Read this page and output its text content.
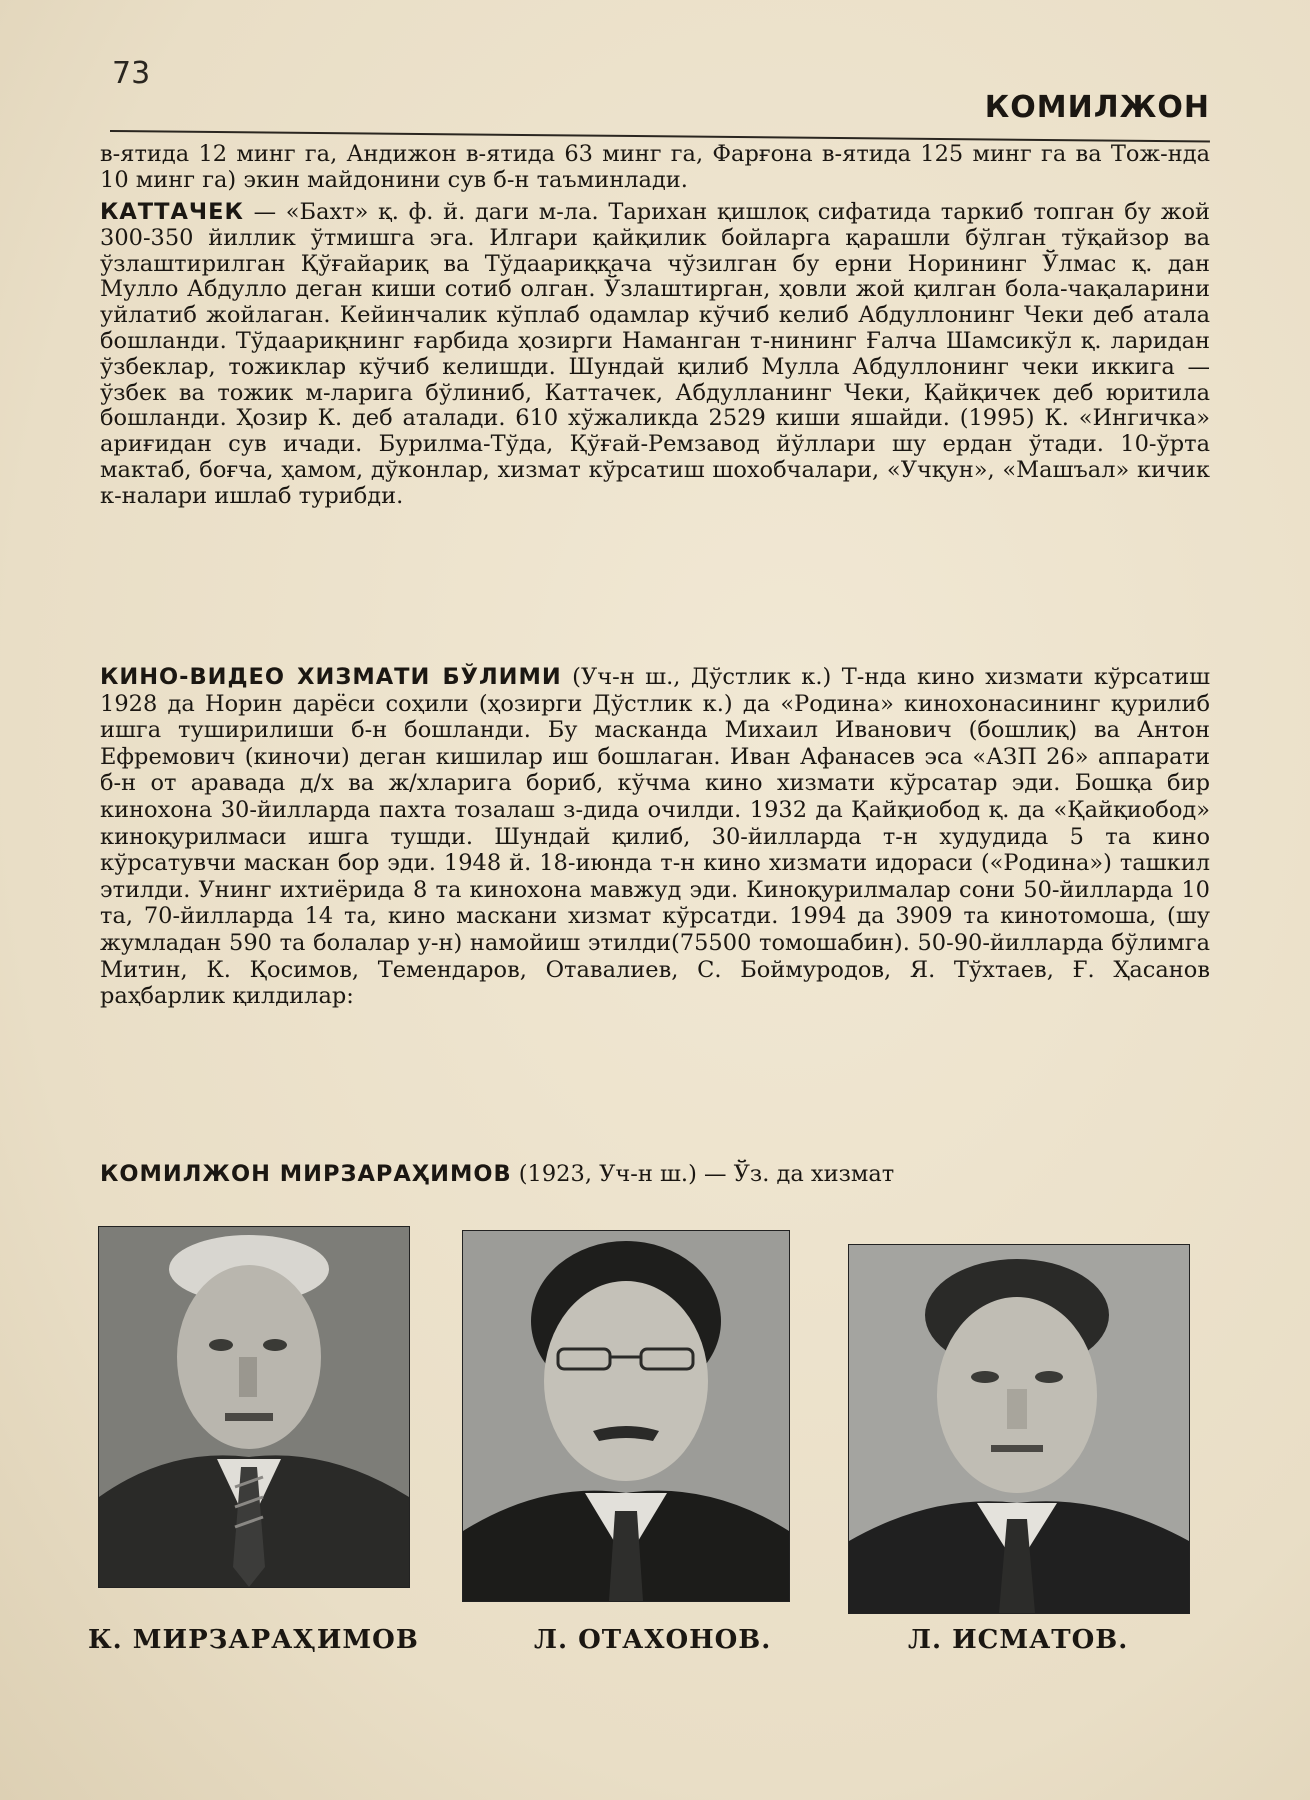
73
КОМИЛЖОН

в-ятида 12 минг га, Андижон в-ятида 63 минг га, Фарғона в-ятида 125 минг га ва Тож-нда 10 минг га) экин майдонини сув б-н таъминлади.

КАТТАЧЕК — «Бахт» қ. ф. й. даги м-ла. Тарихан қишлоқ сифатида таркиб топган бу жой 300-350 йиллик ўтмишга эга. Илгари қайқилик бойларга қарашли бўлган тўқайзор ва ўзлаштирилган Қўғайариқ ва Тўдаариққача чўзилган бу ерни Норининг Ўлмас қ. дан Мулло Абдулло деган киши сотиб олган. Ўзлаштирган, ҳовли жой қилган бола-чақаларини уйлатиб жойлаган. Кейинчалик кўплаб одамлар кўчиб келиб Абдуллонинг Чеки деб атала бошланди. Тўдаариқнинг ғарбида ҳозирги Наманган т-нининг Ғалча Шамсикўл қ. ларидан ўзбеклар, тожиклар кўчиб келишди. Шундай қилиб Мулла Абдуллонинг чеки иккига — ўзбек ва тожик м-ларига бўлиниб, Каттачек, Абдулланинг Чеки, Қайқичек деб юритила бошланди. Ҳозир К. деб аталади. 610 хўжаликда 2529 киши яшайди. (1995) К. «Ингичка» ариғидан сув ичади. Бурилма-Тўда, Қўғай-Ремзавод йўллари шу ердан ўтади. 10-ўрта мактаб, боғча, ҳамом, дўконлар, хизмат кўрсатиш шохобчалари, «Учқун», «Машъал» кичик к-налари ишлаб турибди.

КИНО-ВИДЕО ХИЗМАТИ БЎЛИМИ (Уч-н ш., Дўстлик к.) Т-нда кино хизмати кўрсатиш 1928 да Норин дарёси соҳили (ҳозирги Дўстлик к.) да «Родина» кинохонасининг қурилиб ишга туширилиши б-н бошланди. Бу масканда Михаил Иванович (бошлиқ) ва Антон Ефремович (киночи) деган кишилар иш бошлаган. Иван Афанасев эса «АЗП 26» аппарати б-н от аравада д/х ва ж/хларига бориб, кўчма кино хизмати кўрсатар эди. Бошқа бир кинохона 30-йилларда пахта тозалаш з-дида очилди. 1932 да Қайқиобод қ. да «Қайқиобод» киноқурилмаси ишга тушди. Шундай қилиб, 30-йилларда т-н худудида 5 та кино кўрсатувчи маскан бор эди. 1948 й. 18-июнда т-н кино хизмати идораси («Родина») ташкил этилди. Унинг ихтиёрида 8 та кинохона мавжуд эди. Киноқурилмалар сони 50-йилларда 10 та, 70-йилларда 14 та, кино маскани хизмат кўрсатди. 1994 да 3909 та кинотомоша, (шу жумладан 590 та болалар у-н) намойиш этилди(75500 томошабин). 50-90-йилларда бўлимга Митин, К. Қосимов, Темендаров, Отавалиев, С. Боймуродов, Я. Тўхтаев, Ғ. Ҳасанов раҳбарлик қилдилар:

КОМИЛЖОН МИРЗАРАҲИМОВ (1923, Уч-н ш.) — Ўз. да хизмат

К. МИРЗАРАҲИМОВ	Л. ОТАХОНОВ.	Л. ИСМАТОВ.
